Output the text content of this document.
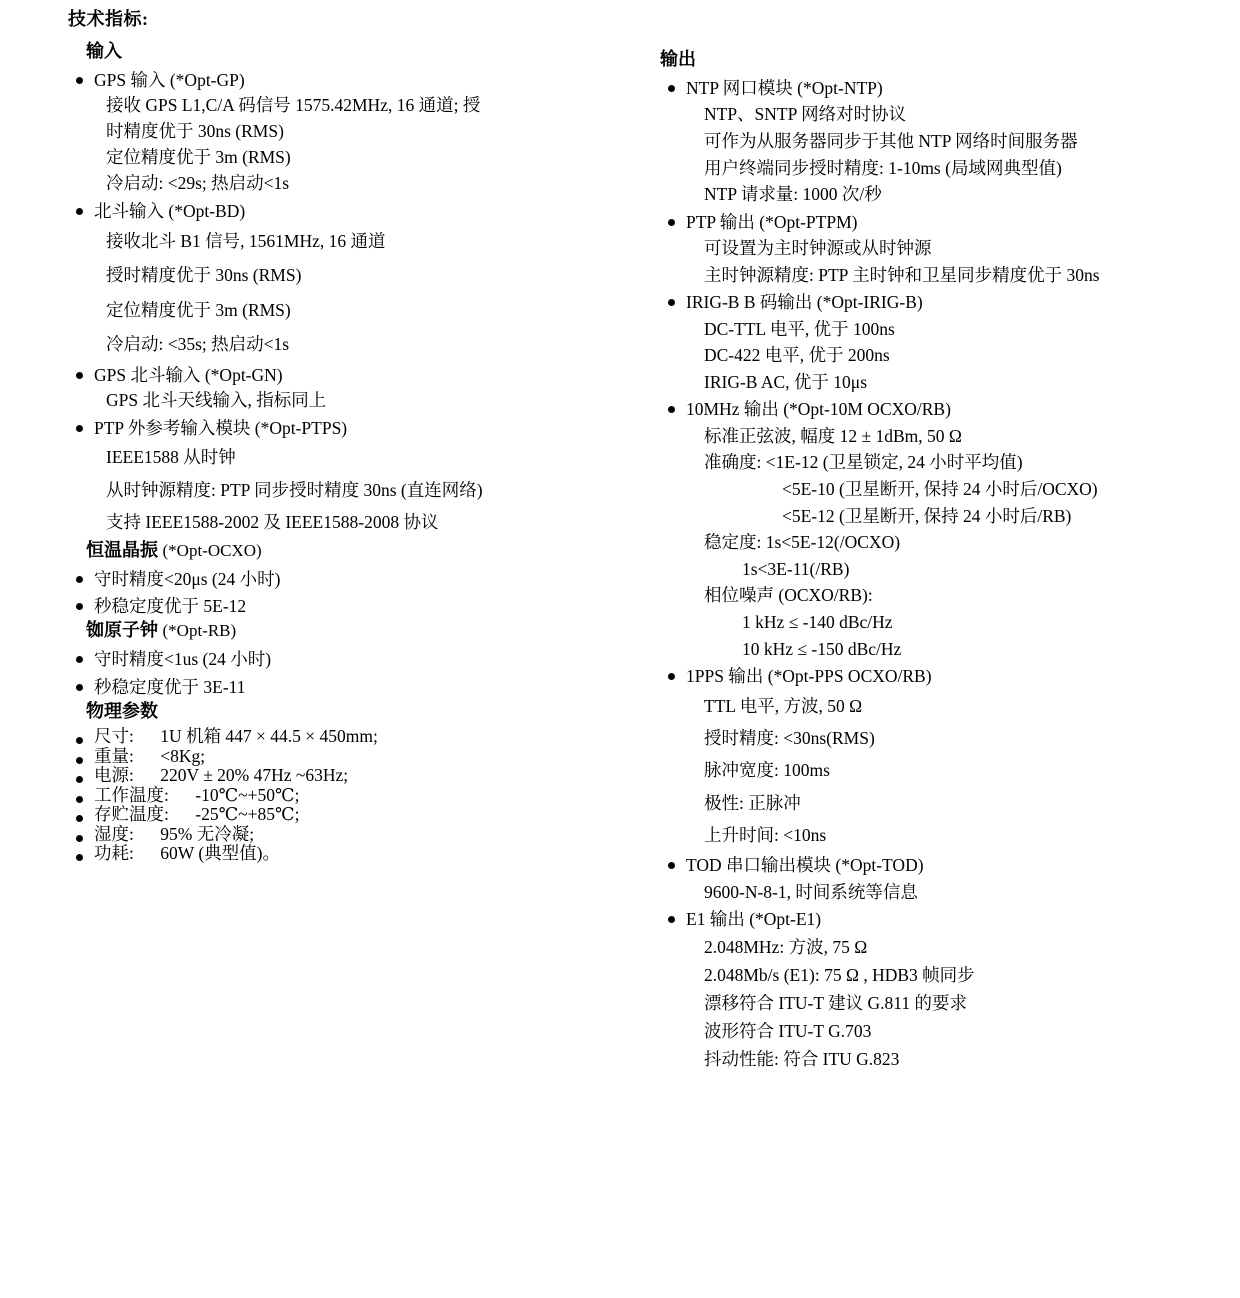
技术指标:
输入
GPS 输入 (*Opt-GP)
接收 GPS L1,C/A 码信号 1575.42MHz, 16 通道; 授
时精度优于 30ns (RMS)
定位精度优于 3m (RMS)
冷启动: <29s; 热启动<1s
北斗输入 (*Opt-BD)
接收北斗 B1 信号, 1561MHz, 16 通道
授时精度优于 30ns (RMS)
定位精度优于 3m (RMS)
冷启动: <35s; 热启动<1s
GPS 北斗输入 (*Opt-GN)
GPS 北斗天线输入, 指标同上
PTP 外参考输入模块 (*Opt-PTPS)
IEEE1588 从时钟
从时钟源精度: PTP 同步授时精度 30ns (直连网络)
支持 IEEE1588-2002 及 IEEE1588-2008 协议
恒温晶振 (*Opt-OCXO)
守时精度<20μs (24 小时)
秒稳定度优于 5E-12
铷原子钟 (*Opt-RB)
守时精度<1us (24 小时)
秒稳定度优于 3E-11
物理参数
尺寸: 1U 机箱 447 × 44.5 × 450mm;
重量: <8Kg;
电源: 220V ± 20% 47Hz ~63Hz;
工作温度: -10℃~+50℃;
存贮温度: -25℃~+85℃;
湿度: 95% 无冷凝;
功耗: 60W (典型值)。
输出
NTP 网口模块 (*Opt-NTP)
NTP、SNTP 网络对时协议
可作为从服务器同步于其他 NTP 网络时间服务器
用户终端同步授时精度: 1-10ms (局域网典型值)
NTP 请求量: 1000 次/秒
PTP 输出 (*Opt-PTPM)
可设置为主时钟源或从时钟源
主时钟源精度: PTP 主时钟和卫星同步精度优于 30ns
IRIG-B B 码输出 (*Opt-IRIG-B)
DC-TTL 电平, 优于 100ns
DC-422 电平, 优于 200ns
IRIG-B AC, 优于 10μs
10MHz 输出 (*Opt-10M OCXO/RB)
标准正弦波, 幅度 12 ± 1dBm, 50 Ω
准确度: <1E-12 (卫星锁定, 24 小时平均值)
<5E-10 (卫星断开, 保持 24 小时后/OCXO)
<5E-12 (卫星断开, 保持 24 小时后/RB)
稳定度: 1s<5E-12(/OCXO)
1s<3E-11(/RB)
相位噪声 (OCXO/RB):
1 kHz ≤ -140 dBc/Hz
10 kHz ≤ -150 dBc/Hz
1PPS 输出 (*Opt-PPS OCXO/RB)
TTL 电平, 方波, 50 Ω
授时精度: <30ns(RMS)
脉冲宽度: 100ms
极性: 正脉冲
上升时间: <10ns
TOD 串口输出模块 (*Opt-TOD)
9600-N-8-1, 时间系统等信息
E1 输出 (*Opt-E1)
2.048MHz: 方波, 75 Ω
2.048Mb/s (E1): 75 Ω , HDB3 帧同步
漂移符合 ITU-T 建议 G.811 的要求
波形符合 ITU-T G.703
抖动性能: 符合 ITU G.823
